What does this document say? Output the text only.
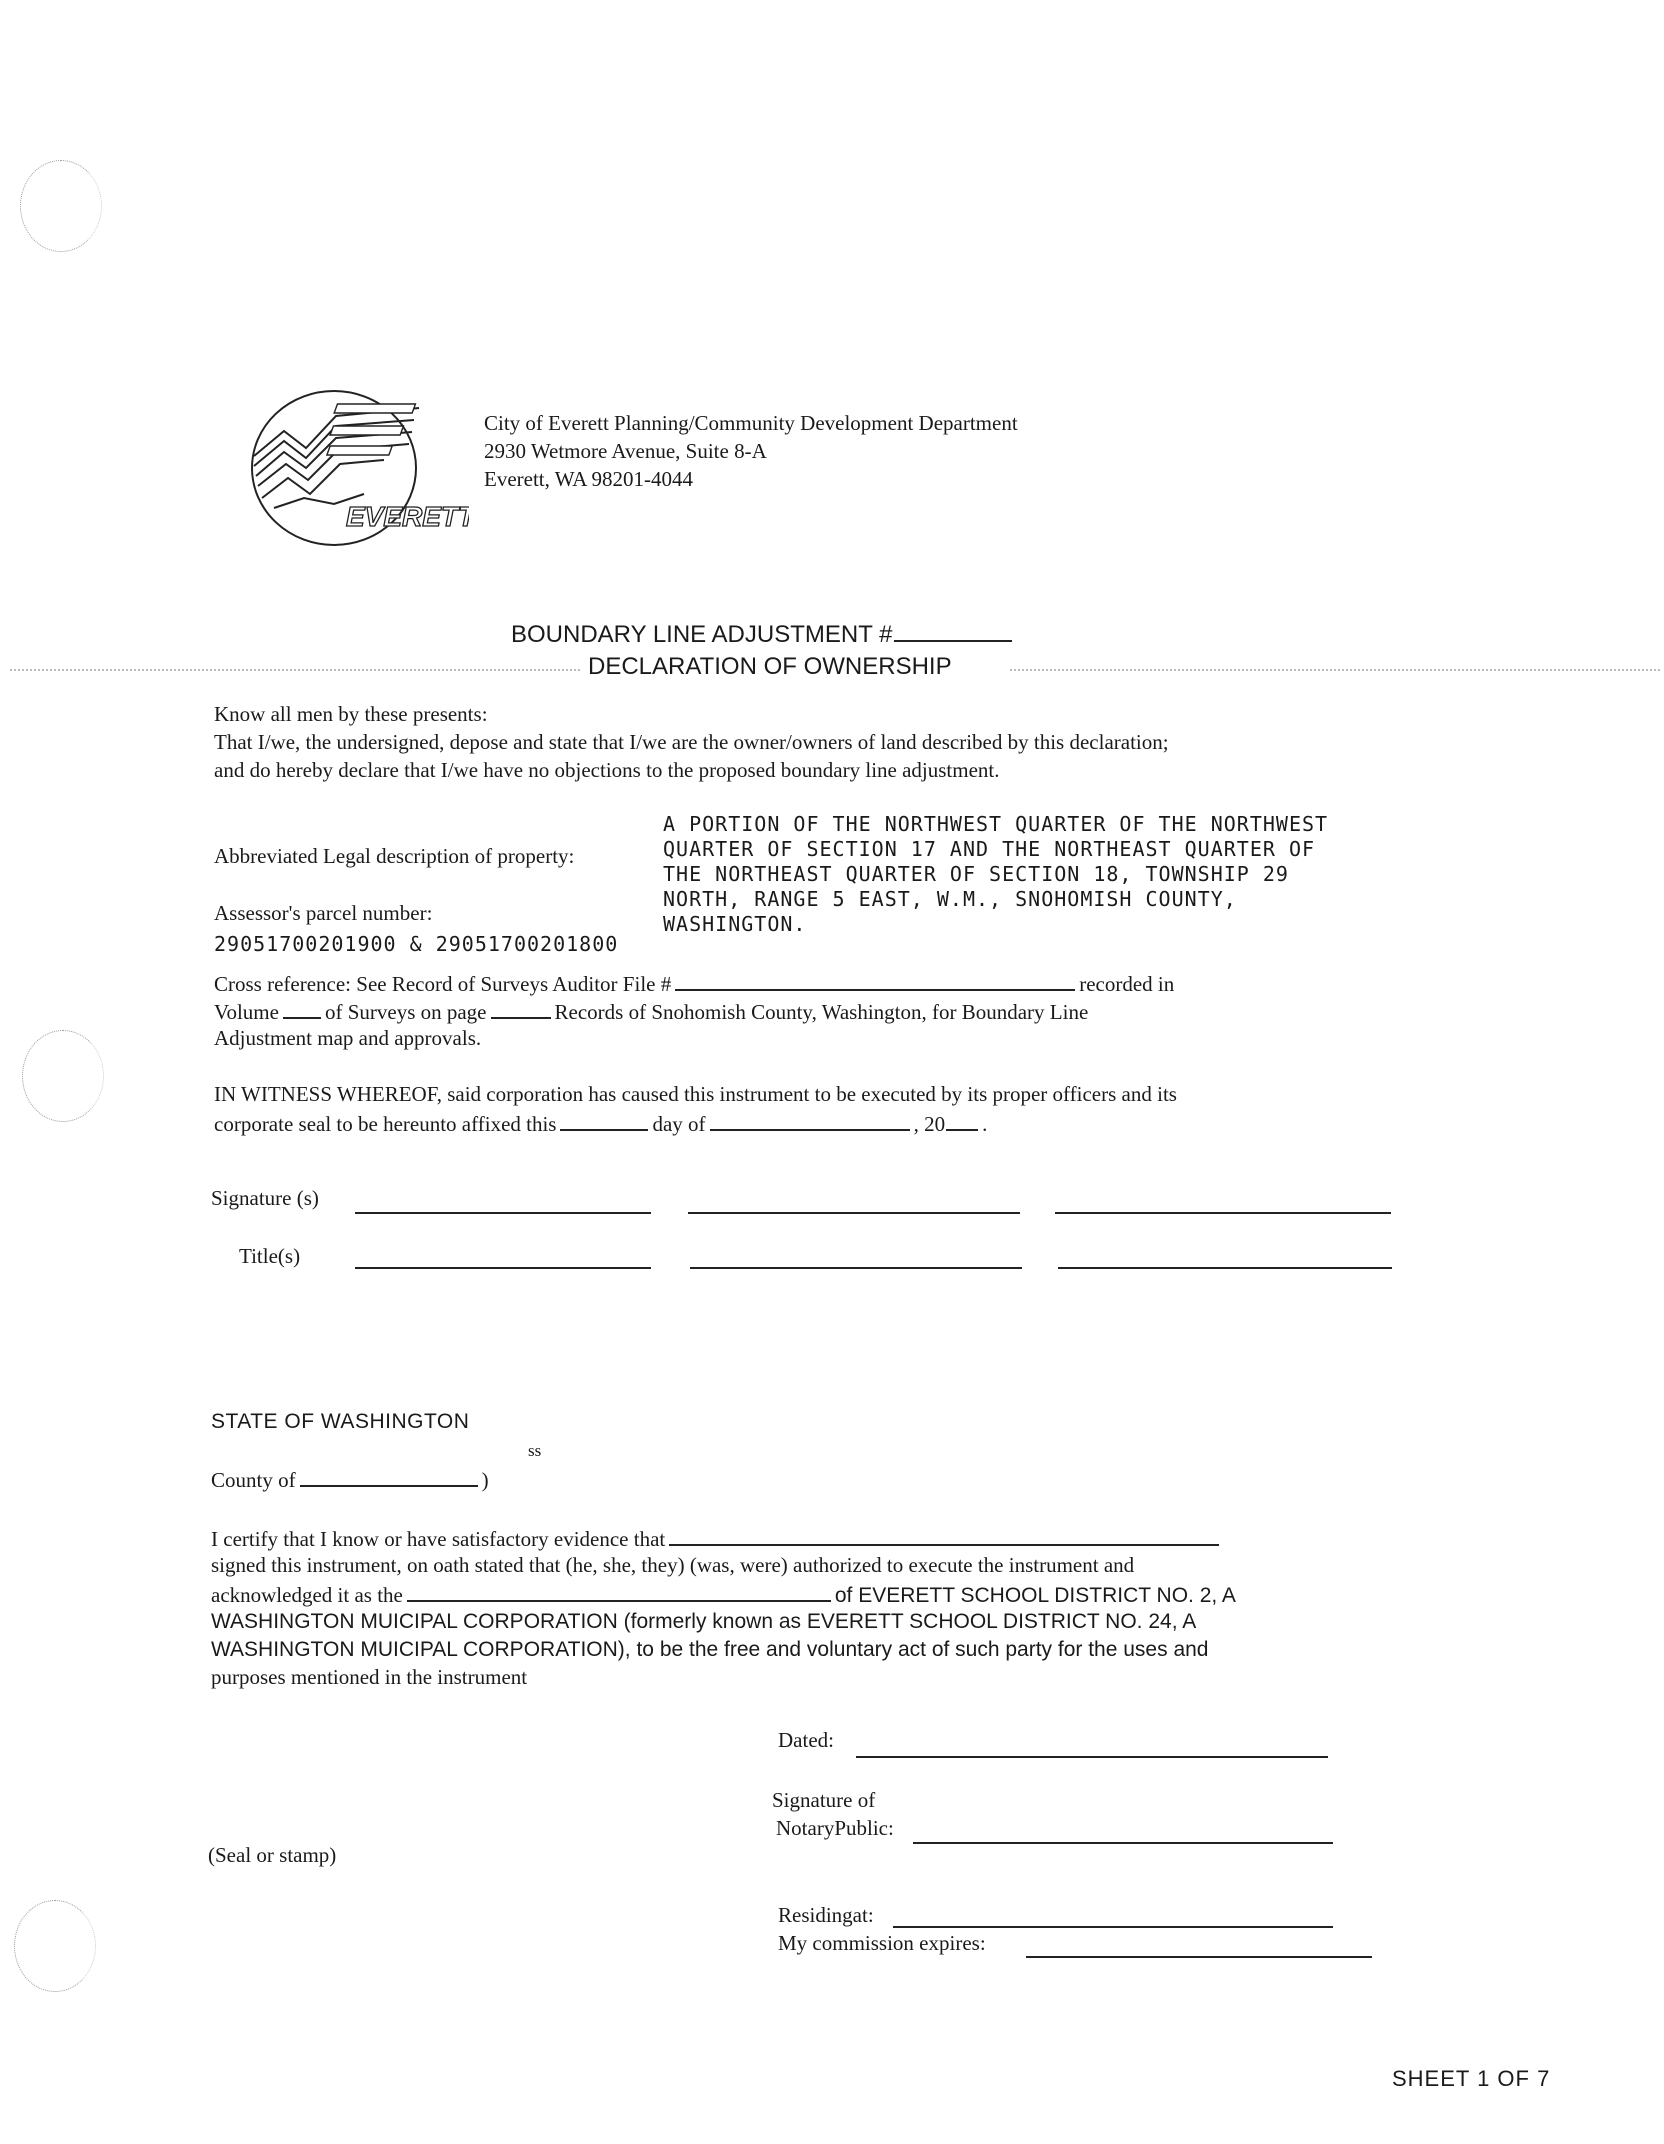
EVERETT
City of Everett Planning/Community Development Department
2930 Wetmore Avenue, Suite 8-A
Everett, WA 98201-4044
BOUNDARY LINE ADJUSTMENT #
DECLARATION OF OWNERSHIP
Know all men by these presents:
That I/we, the undersigned, depose and state that I/we are the owner/owners of land described by this declaration;
and do hereby declare that I/we have no objections to the proposed boundary line adjustment.
Abbreviated Legal description of property:
A PORTION OF THE NORTHWEST QUARTER OF THE NORTHWEST
QUARTER OF SECTION 17 AND THE NORTHEAST QUARTER OF
THE NORTHEAST QUARTER OF SECTION 18, TOWNSHIP 29
NORTH, RANGE 5 EAST, W.M., SNOHOMISH COUNTY,
WASHINGTON.
Assessor's parcel number:
29051700201900 & 29051700201800
Cross reference: See Record of Surveys Auditor File #	recorded in
Volume of Surveys on page	Records of Snohomish County, Washington, for Boundary Line
Adjustment map and approvals.
IN WITNESS WHEREOF, said corporation has caused this instrument to be executed by its proper officers and its
corporate seal to be hereunto affixed this	day of	, 20 .
Signature (s)
Title(s)
STATE OF WASHINGTON
ss
County of	)
I certify that I know or have satisfactory evidence that
signed this instrument, on oath stated that (he, she, they) (was, were) authorized to execute the instrument and
acknowledged it as the	of EVERETT SCHOOL DISTRICT NO. 2, A
WASHINGTON MUICIPAL CORPORATION (formerly known as EVERETT SCHOOL DISTRICT NO. 24, A
WASHINGTON MUICIPAL CORPORATION), to be the free and voluntary act of such party for the uses and
purposes mentioned in the instrument
Dated:
Signature of
NotaryPublic:
(Seal or stamp)
Residingat:
My commission expires:
SHEET 1 OF 7
